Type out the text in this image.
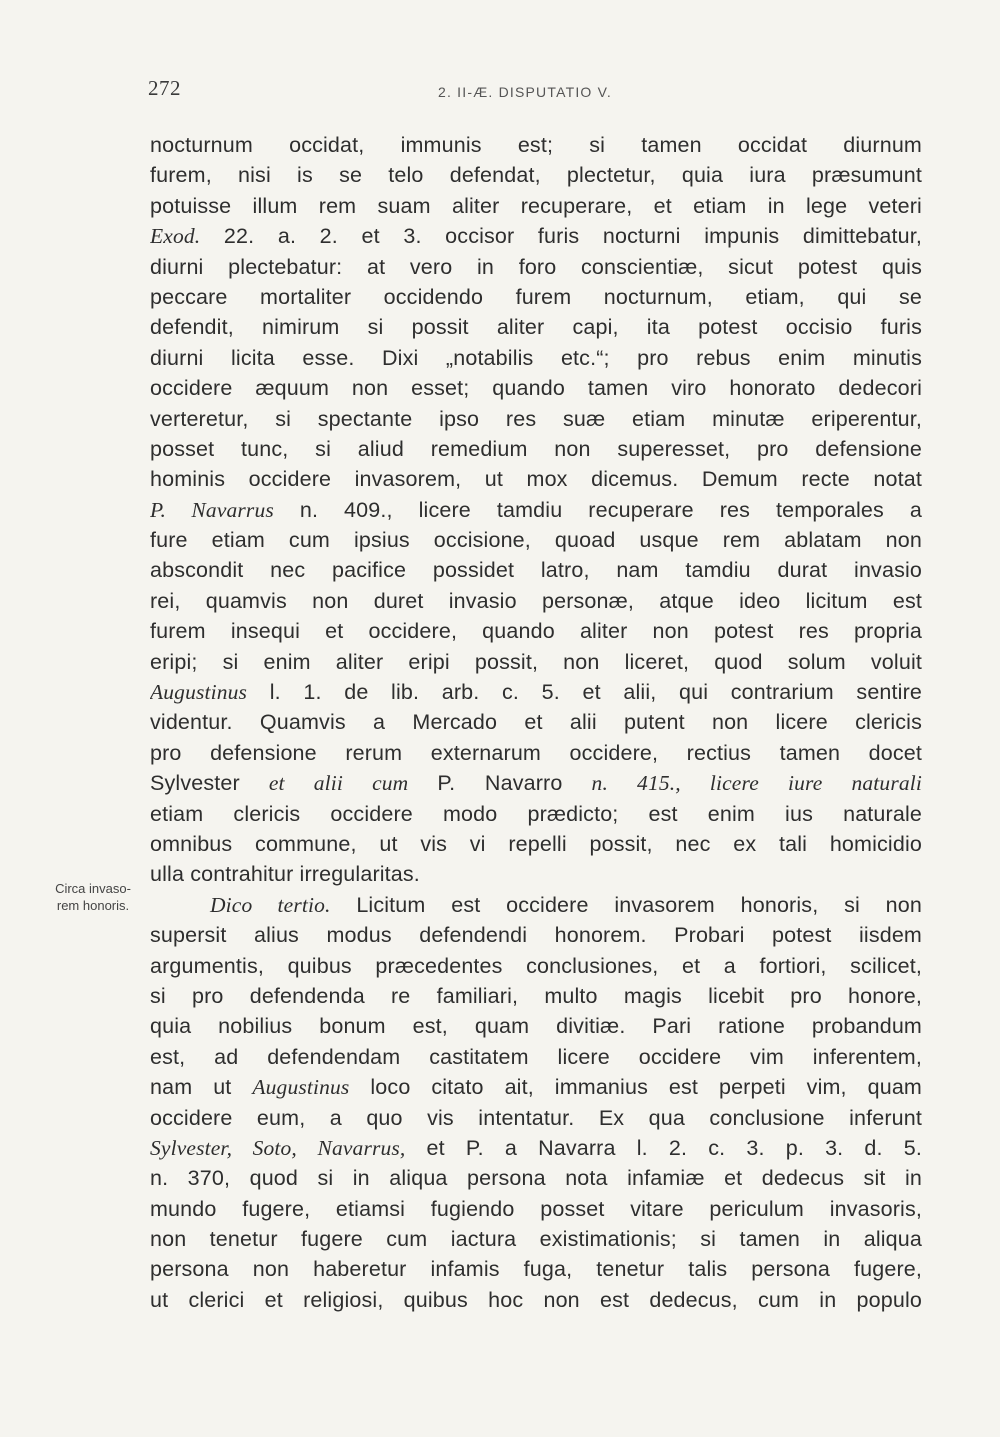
272	2. II-Æ. DISPUTATIO V.
Circa invaso-
rem honoris.
nocturnum occidat, immunis est; si tamen occidat diurnum
furem, nisi is se telo defendat, plectetur, quia iura præsumunt
potuisse illum rem suam aliter recuperare, et etiam in lege veteri
Exod. 22. a. 2. et 3. occisor furis nocturni impunis dimittebatur,
diurni plectebatur: at vero in foro conscientiæ, sicut potest quis
peccare mortaliter occidendo furem nocturnum, etiam, qui se
defendit, nimirum si possit aliter capi, ita potest occisio furis
diurni licita esse. Dixi „notabilis etc.“; pro rebus enim minutis
occidere æquum non esset; quando tamen viro honorato dedecori
verteretur, si spectante ipso res suæ etiam minutæ eriperentur,
posset tunc, si aliud remedium non superesset, pro defensione
hominis occidere invasorem, ut mox dicemus. Demum recte notat
P. Navarrus n. 409., licere tamdiu recuperare res temporales a
fure etiam cum ipsius occisione, quoad usque rem ablatam non
abscondit nec pacifice possidet latro, nam tamdiu durat invasio
rei, quamvis non duret invasio personæ, atque ideo licitum est
furem insequi et occidere, quando aliter non potest res propria
eripi; si enim aliter eripi possit, non liceret, quod solum voluit
Augustinus l. 1. de lib. arb. c. 5. et alii, qui contrarium sentire
videntur. Quamvis a Mercado et alii putent non licere clericis
pro defensione rerum externarum occidere, rectius tamen docet
Sylvester et alii cum P. Navarro n. 415., licere iure naturali
etiam clericis occidere modo prædicto; est enim ius naturale
omnibus commune, ut vis vi repelli possit, nec ex tali homicidio
ulla contrahitur irregularitas.
Dico tertio. Licitum est occidere invasorem honoris, si non
supersit alius modus defendendi honorem. Probari potest iisdem
argumentis, quibus præcedentes conclusiones, et a fortiori, scilicet,
si pro defendenda re familiari, multo magis licebit pro honore,
quia nobilius bonum est, quam divitiæ. Pari ratione probandum
est, ad defendendam castitatem licere occidere vim inferentem,
nam ut Augustinus loco citato ait, immanius est perpeti vim, quam
occidere eum, a quo vis intentatur. Ex qua conclusione inferunt
Sylvester, Soto, Navarrus, et P. a Navarra l. 2. c. 3. p. 3. d. 5.
n. 370, quod si in aliqua persona nota infamiæ et dedecus sit in
mundo fugere, etiamsi fugiendo posset vitare periculum invasoris,
non tenetur fugere cum iactura existimationis; si tamen in aliqua
persona non haberetur infamis fuga, tenetur talis persona fugere,
ut clerici et religiosi, quibus hoc non est dedecus, cum in populo
